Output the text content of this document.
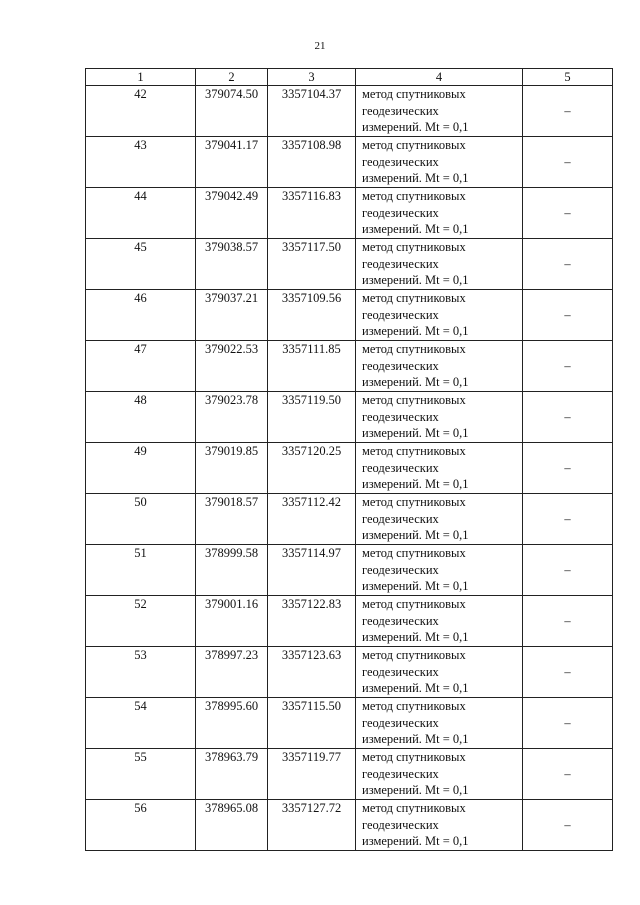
21
1	2	3	4	5
42	379074.50	3357104.37	метод спутниковых
геодезических
измерений. Mt = 0,1	–
43	379041.17	3357108.98	метод спутниковых
геодезических
измерений. Mt = 0,1	–
44	379042.49	3357116.83	метод спутниковых
геодезических
измерений. Mt = 0,1	–
45	379038.57	3357117.50	метод спутниковых
геодезических
измерений. Mt = 0,1	–
46	379037.21	3357109.56	метод спутниковых
геодезических
измерений. Mt = 0,1	–
47	379022.53	3357111.85	метод спутниковых
геодезических
измерений. Mt = 0,1	–
48	379023.78	3357119.50	метод спутниковых
геодезических
измерений. Mt = 0,1	–
49	379019.85	3357120.25	метод спутниковых
геодезических
измерений. Mt = 0,1	–
50	379018.57	3357112.42	метод спутниковых
геодезических
измерений. Mt = 0,1	–
51	378999.58	3357114.97	метод спутниковых
геодезических
измерений. Mt = 0,1	–
52	379001.16	3357122.83	метод спутниковых
геодезических
измерений. Mt = 0,1	–
53	378997.23	3357123.63	метод спутниковых
геодезических
измерений. Mt = 0,1	–
54	378995.60	3357115.50	метод спутниковых
геодезических
измерений. Mt = 0,1	–
55	378963.79	3357119.77	метод спутниковых
геодезических
измерений. Mt = 0,1	–
56	378965.08	3357127.72	метод спутниковых
геодезических
измерений. Mt = 0,1	–
